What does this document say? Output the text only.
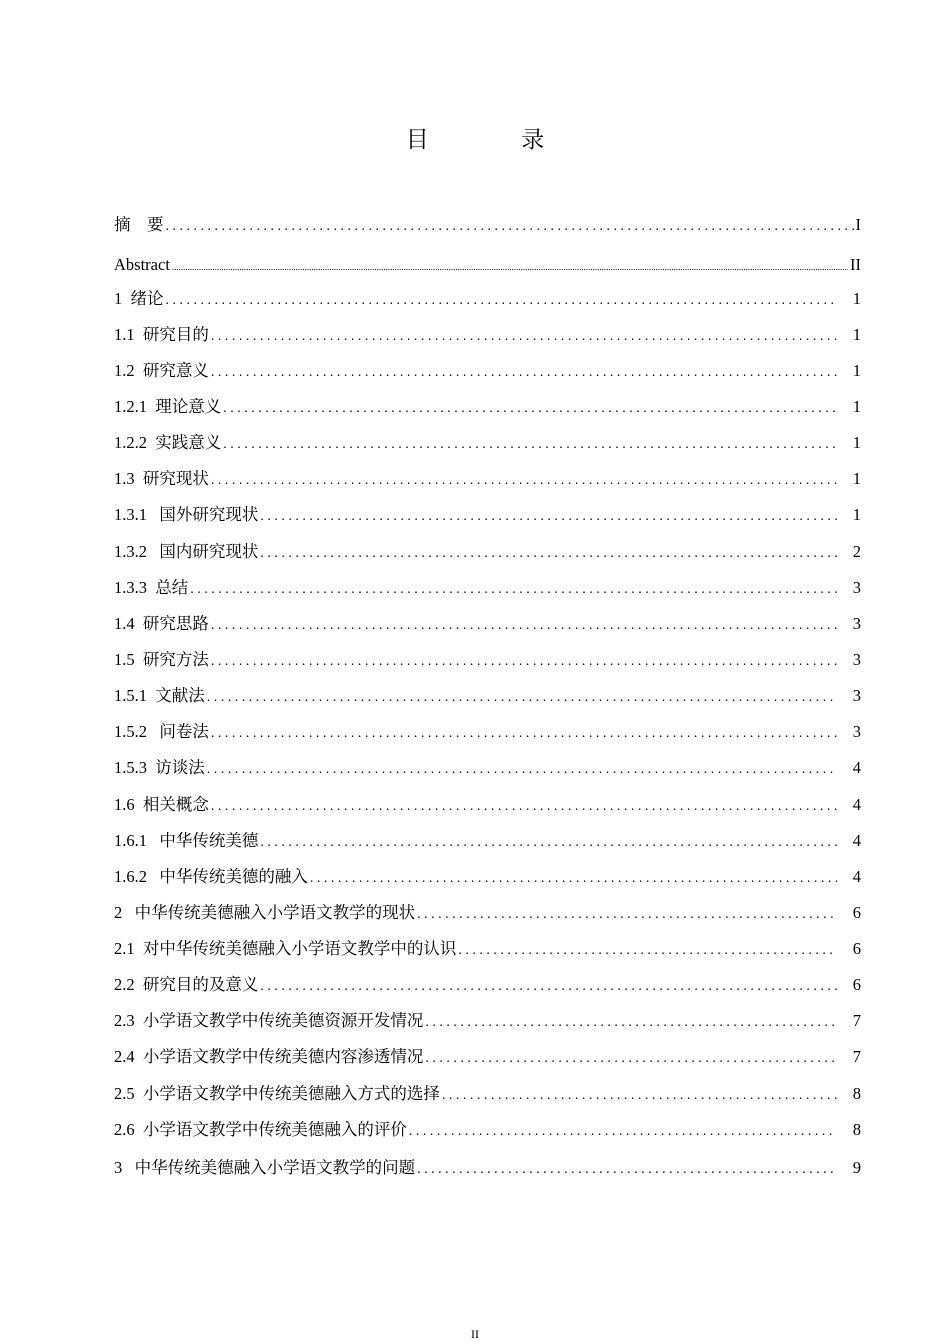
目  录
摘    要 .....	I
Abstract .....	II
1  绪论 .....	1
1.1  研究目的 .....	1
1.2  研究意义 .....	1
1.2.1  理论意义 .....	1
1.2.2  实践意义 .....	1
1.3  研究现状 .....	1
1.3.1   国外研究现状 .....	1
1.3.2   国内研究现状 .....	2
1.3.3  总结 .....	3
1.4  研究思路 .....	3
1.5  研究方法 .....	3
1.5.1  文献法 .....	3
1.5.2   问卷法 .....	3
1.5.3  访谈法 .....	4
1.6  相关概念 .....	4
1.6.1   中华传统美德 .....	4
1.6.2   中华传统美德的融入 .....	4
2   中华传统美德融入小学语文教学的现状 .....	6
2.1  对中华传统美德融入小学语文教学中的认识 .....	6
2.2  研究目的及意义 .....	6
2.3  小学语文教学中传统美德资源开发情况 .....	7
2.4  小学语文教学中传统美德内容渗透情况 .....	7
2.5  小学语文教学中传统美德融入方式的选择 .....	8
2.6  小学语文教学中传统美德融入的评价 .....	8
3   中华传统美德融入小学语文教学的问题 .....	9
II
